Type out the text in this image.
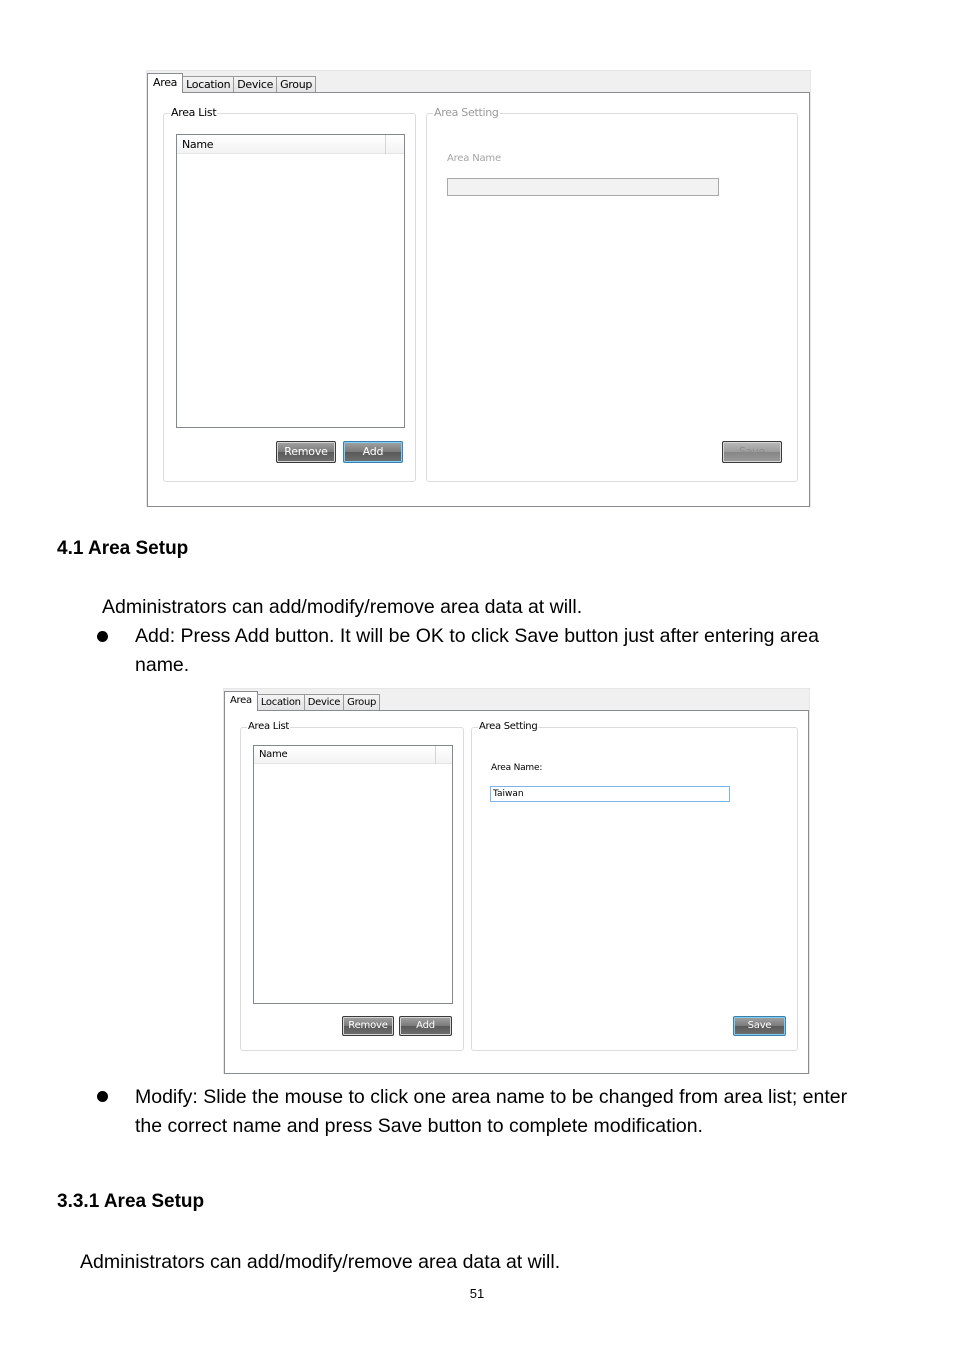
Area Location Device Group
Area List
Name
Remove	Add
Area Setting
Area Name
Save
4.1 Area Setup
Administrators can add/modify/remove area data at will.
Add: Press Add button. It will be OK to click Save button just after entering area
name.
Area Location Device Group
Area List
Name
Remove	Add
Area Setting
Area Name:
Taiwan
Save
Modify: Slide the mouse to click one area name to be changed from area list; enter
the correct name and press Save button to complete modification.
3.3.1 Area Setup
Administrators can add/modify/remove area data at will.
51
